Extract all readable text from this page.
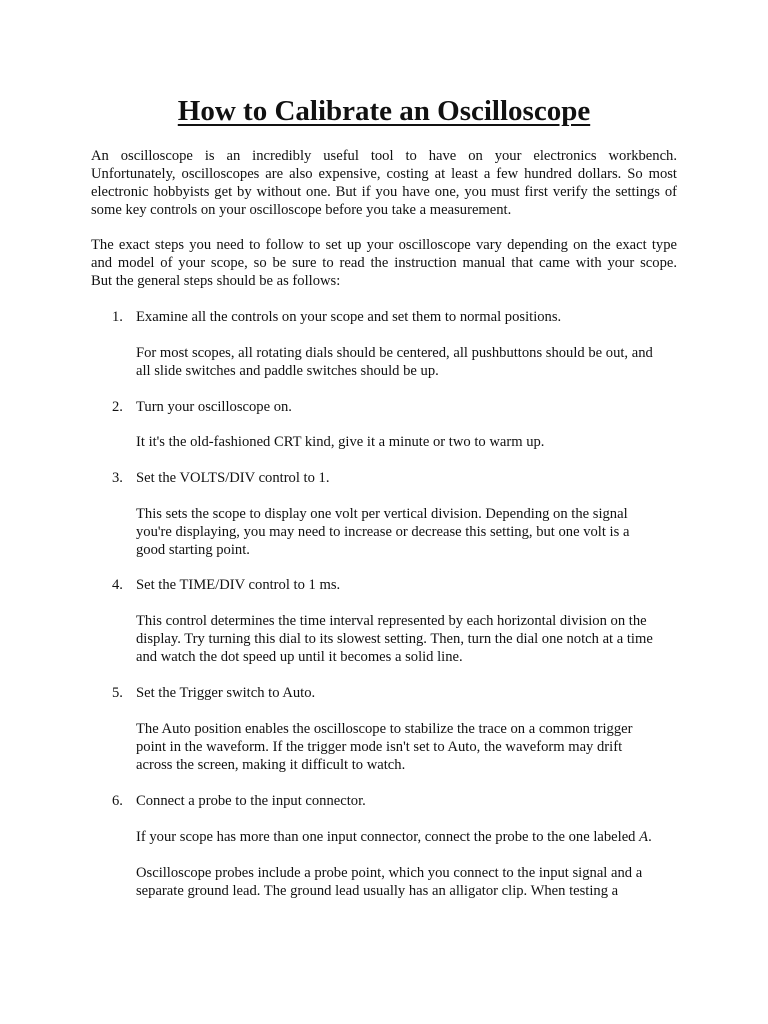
How to Calibrate an Oscilloscope

An oscilloscope is an incredibly useful tool to have on your electronics workbench.
Unfortunately, oscilloscopes are also expensive, costing at least a few hundred dollars. So most
electronic hobbyists get by without one. But if you have one, you must first verify the settings of
some key controls on your oscilloscope before you take a measurement.

The exact steps you need to follow to set up your oscilloscope vary depending on the exact type
and model of your scope, so be sure to read the instruction manual that came with your scope.
But the general steps should be as follows:

1. Examine all the controls on your scope and set them to normal positions.

For most scopes, all rotating dials should be centered, all pushbuttons should be out, and
all slide switches and paddle switches should be up.

2. Turn your oscilloscope on.

It it's the old-fashioned CRT kind, give it a minute or two to warm up.

3. Set the VOLTS/DIV control to 1.

This sets the scope to display one volt per vertical division. Depending on the signal
you're displaying, you may need to increase or decrease this setting, but one volt is a
good starting point.

4. Set the TIME/DIV control to 1 ms.

This control determines the time interval represented by each horizontal division on the
display. Try turning this dial to its slowest setting. Then, turn the dial one notch at a time
and watch the dot speed up until it becomes a solid line.

5. Set the Trigger switch to Auto.

The Auto position enables the oscilloscope to stabilize the trace on a common trigger
point in the waveform. If the trigger mode isn't set to Auto, the waveform may drift
across the screen, making it difficult to watch.

6. Connect a probe to the input connector.

If your scope has more than one input connector, connect the probe to the one labeled A.

Oscilloscope probes include a probe point, which you connect to the input signal and a
separate ground lead. The ground lead usually has an alligator clip. When testing a
